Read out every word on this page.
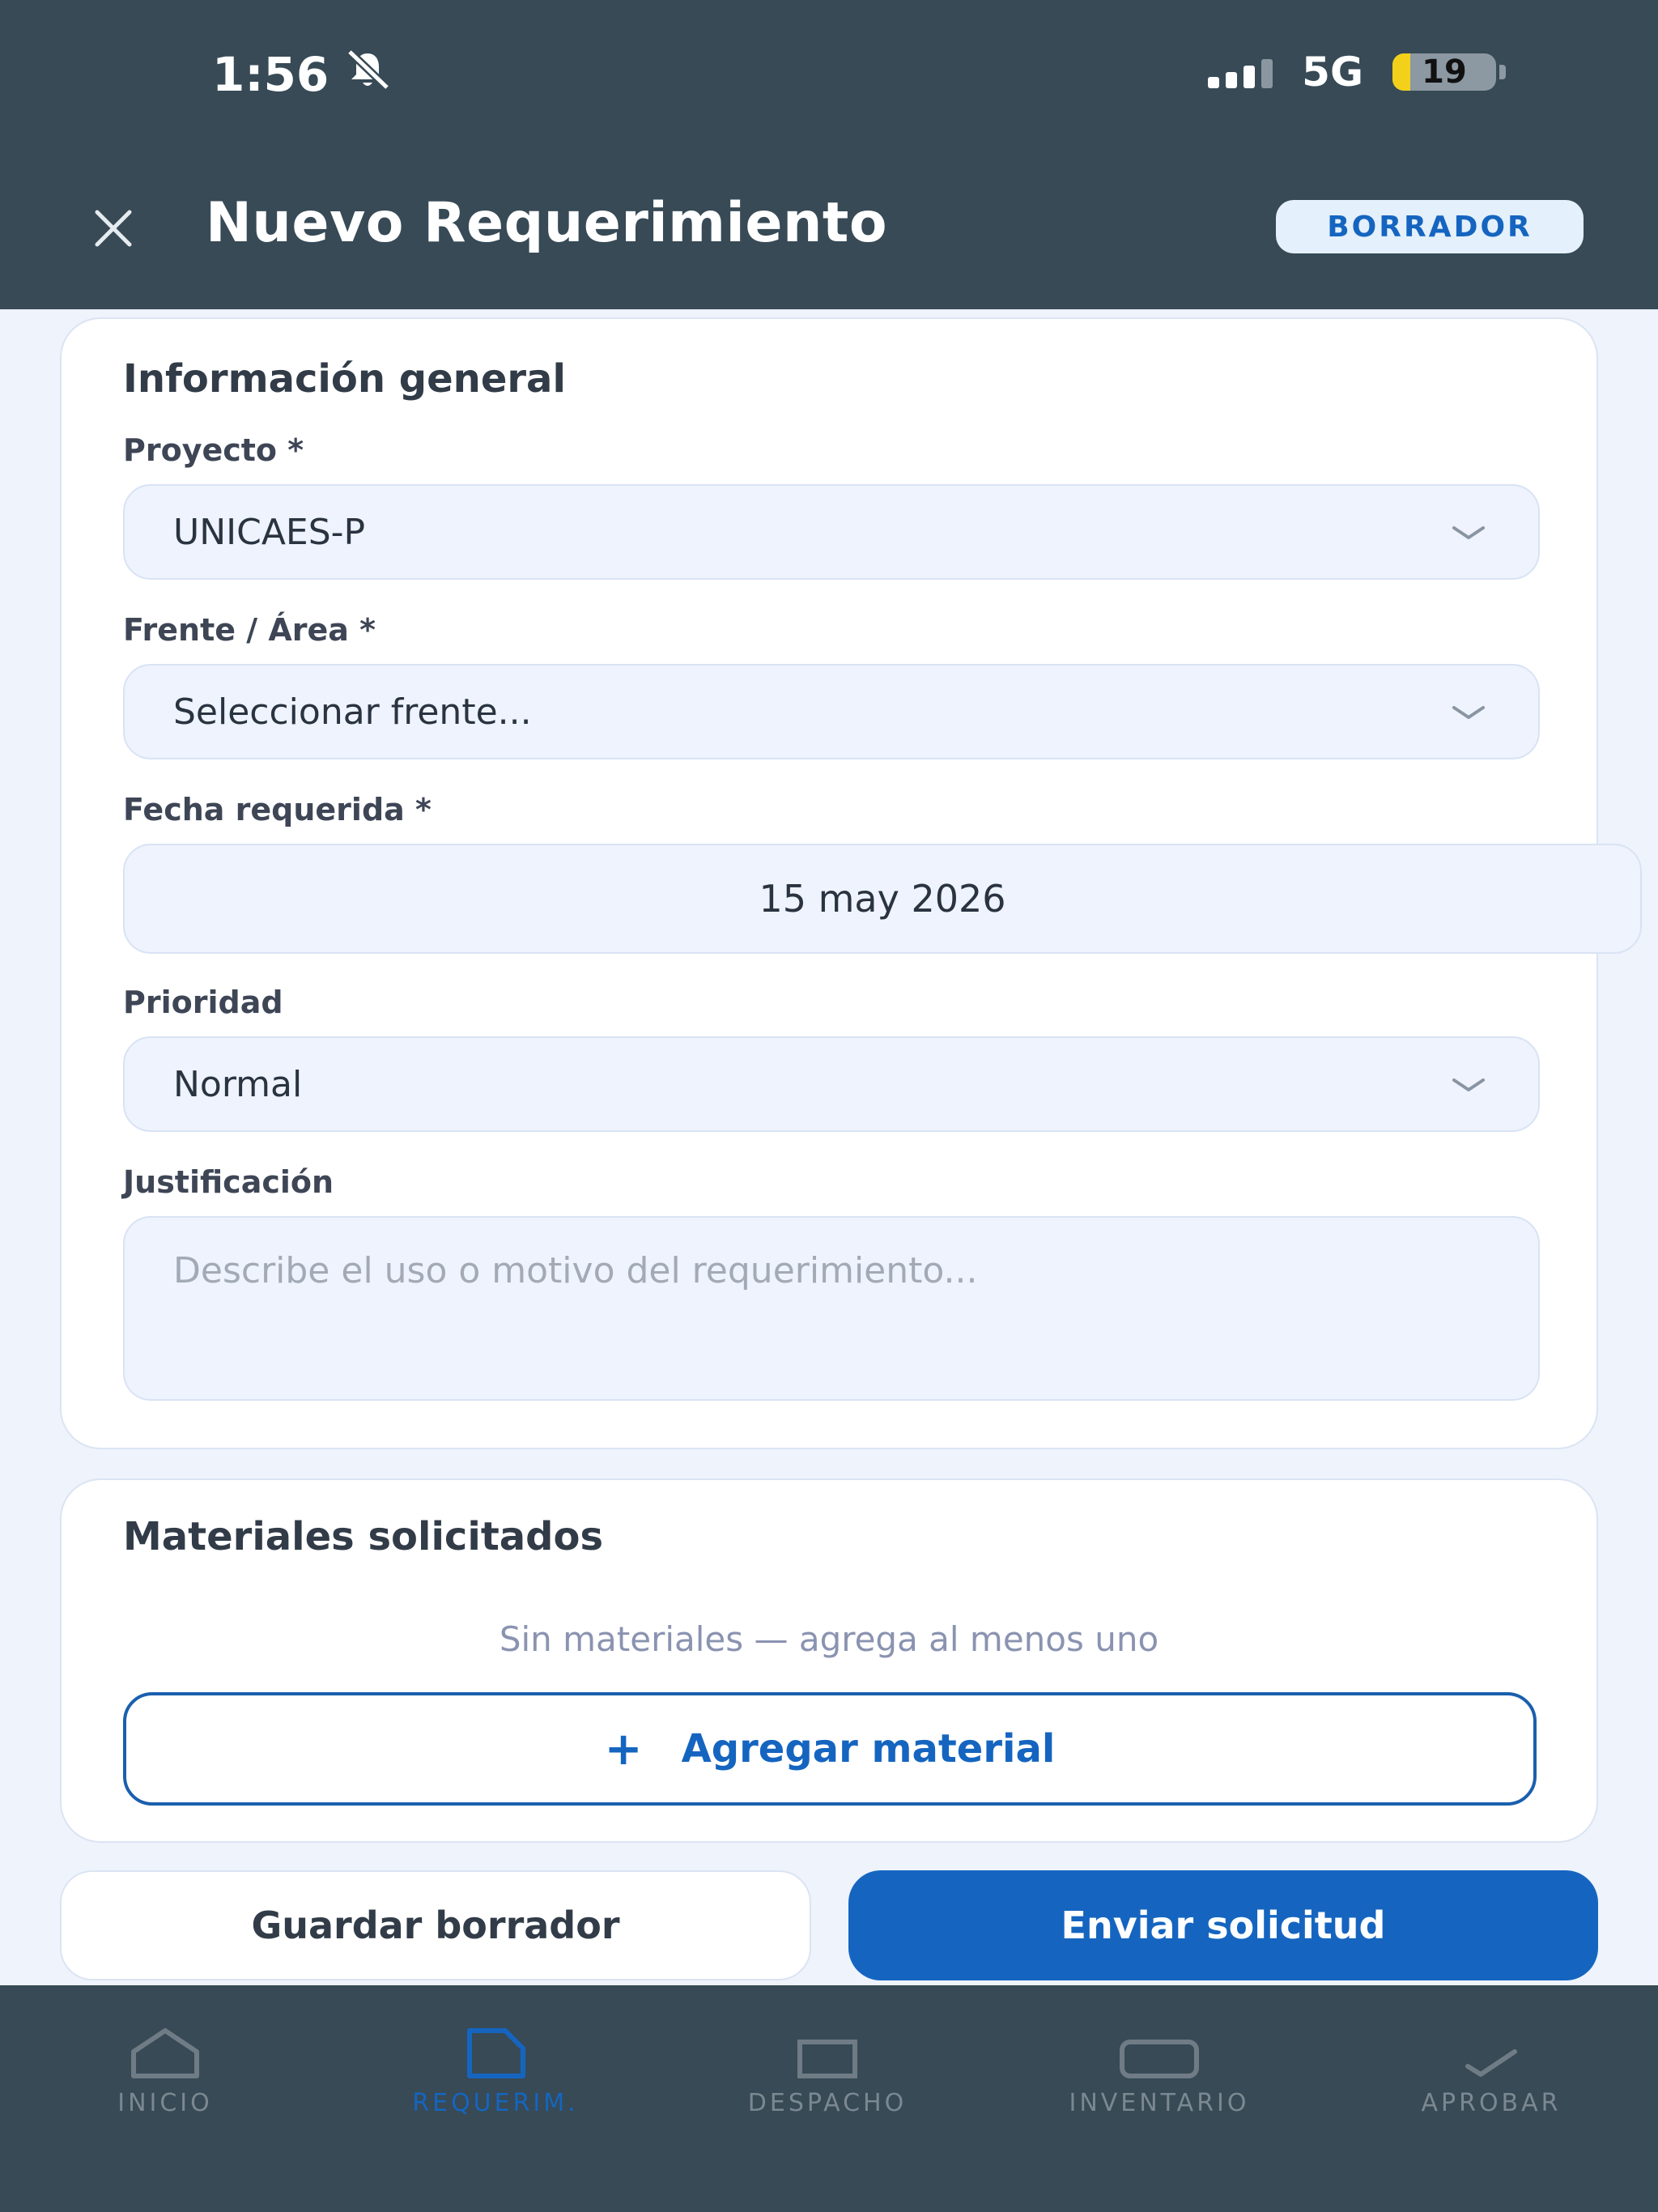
1:56	5G 19
Nuevo Requerimiento	BORRADOR
Información general
Proyecto *
UNICAES-P
Frente / Área *
Seleccionar frente...
Fecha requerida *
15 may 2026
Prioridad
Normal
Justificación
Describe el uso o motivo del requerimiento...
Materiales solicitados
Sin materiales — agrega al menos uno
+ Agregar material
Guardar borrador	Enviar solicitud
INICIO	REQUERIM.	DESPACHO	INVENTARIO	APROBAR
